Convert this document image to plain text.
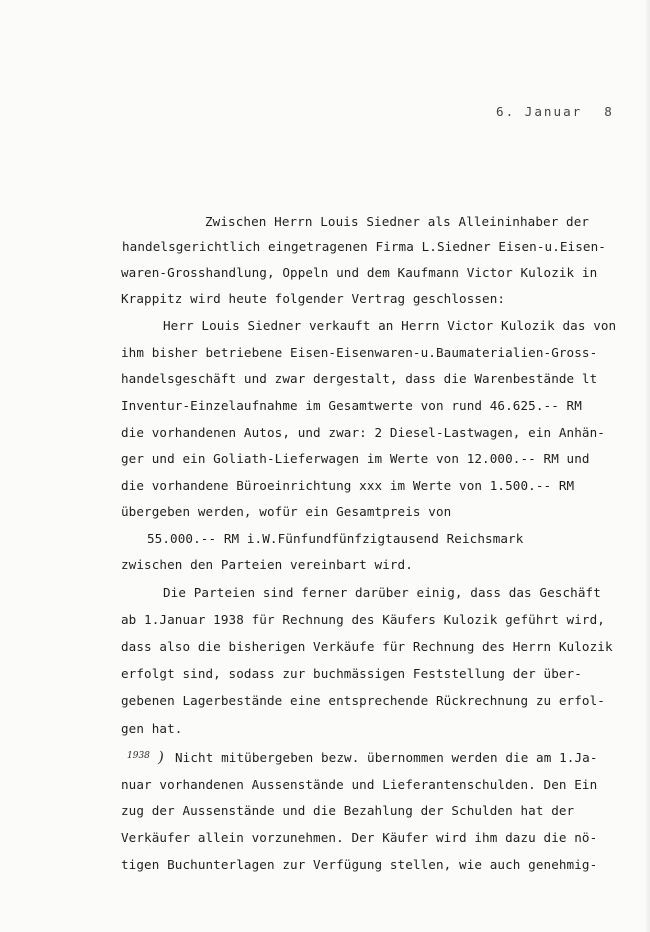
6. Januar 8
Zwischen Herrn Louis Siedner als Alleininhaber der
handelsgerichtlich eingetragenen Firma L.Siedner Eisen-u.Eisen-
waren-Grosshandlung, Oppeln und dem Kaufmann Victor Kulozik in
Krappitz wird heute folgender Vertrag geschlossen:
Herr Louis Siedner verkauft an Herrn Victor Kulozik das von
ihm bisher betriebene Eisen-Eisenwaren-u.Baumaterialien-Gross-
handelsgeschäft und zwar dergestalt, dass die Warenbestände lt
Inventur-Einzelaufnahme im Gesamtwerte von rund 46.625.-- RM
die vorhandenen Autos, und zwar: 2 Diesel-Lastwagen, ein Anhän-
ger und ein Goliath-Lieferwagen im Werte von 12.000.-- RM und
die vorhandene Büroeinrichtung xxx im Werte von 1.500.-- RM
übergeben werden, wofür ein Gesamtpreis von
55.000.-- RM i.W.Fünfundfünfzigtausend Reichsmark
zwischen den Parteien vereinbart wird.
Die Parteien sind ferner darüber einig, dass das Geschäft
ab 1.Januar 1938 für Rechnung des Käufers Kulozik geführt wird,
dass also die bisherigen Verkäufe für Rechnung des Herrn Kulozik
erfolgt sind, sodass zur buchmässigen Feststellung der über-
gebenen Lagerbestände eine entsprechende Rückrechnung zu erfol-
gen hat.
Nicht mitübergeben bezw. übernommen werden die am 1.Ja-
nuar vorhandenen Aussenstände und Lieferantenschulden. Den Ein
zug der Aussenstände und die Bezahlung der Schulden hat der
Verkäufer allein vorzunehmen. Der Käufer wird ihm dazu die nö-
tigen Buchunterlagen zur Verfügung stellen, wie auch genehmig-
1938 )
